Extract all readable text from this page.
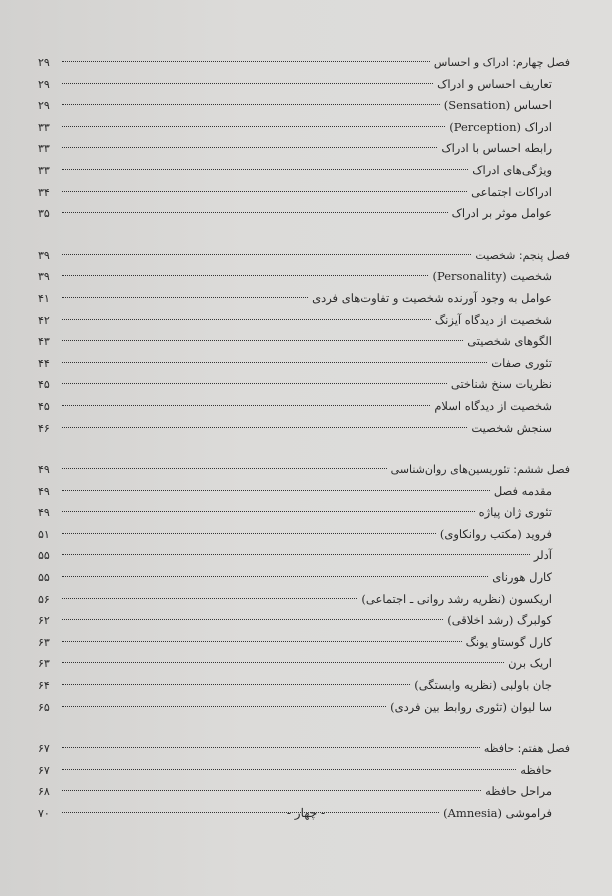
فصل چهارم: ادراک و احساس
۲۹
تعاریف احساس و ادراک
۲۹
احساس (Sensation)
۲۹
ادراک (Perception)
۳۳
رابطه احساس با ادراک
۳۳
ویژگی‌های ادراک
۳۳
ادراکات اجتماعی
۳۴
عوامل موثر بر ادراک
۳۵
فصل پنجم: شخصیت
۳۹
شخصیت (Personality)
۳۹
عوامل به وجود آورنده شخصیت و تفاوت‌های فردی
۴۱
شخصیت از دیدگاه آیزنگ
۴۲
الگوهای شخصیتی
۴۳
تئوری صفات
۴۴
نظریات سنخ شناختی
۴۵
شخصیت از دیدگاه اسلام
۴۵
سنجش شخصیت
۴۶
فصل ششم: تئوریسین‌های روان‌شناسی
۴۹
مقدمه فصل
۴۹
تئوری ژان پیاژه
۴۹
فروید (مکتب روانکاوی)
۵۱
آدلر
۵۵
کارل هورنای
۵۵
اریکسون (نظریه رشد روانی ـ اجتماعی)
۵۶
کولبرگ (رشد اخلاقی)
۶۲
کارل گوستاو یونگ
۶۳
اریک برن
۶۳
جان باولبی (نظریه وابستگی)
۶۴
سا لیوان (تئوری روابط بین فردی)
۶۵
فصل هفتم: حافظه
۶۷
حافظه
۶۷
مراحل حافظه
۶۸
فراموشی (Amnesia)
۷۰	- چهار -
